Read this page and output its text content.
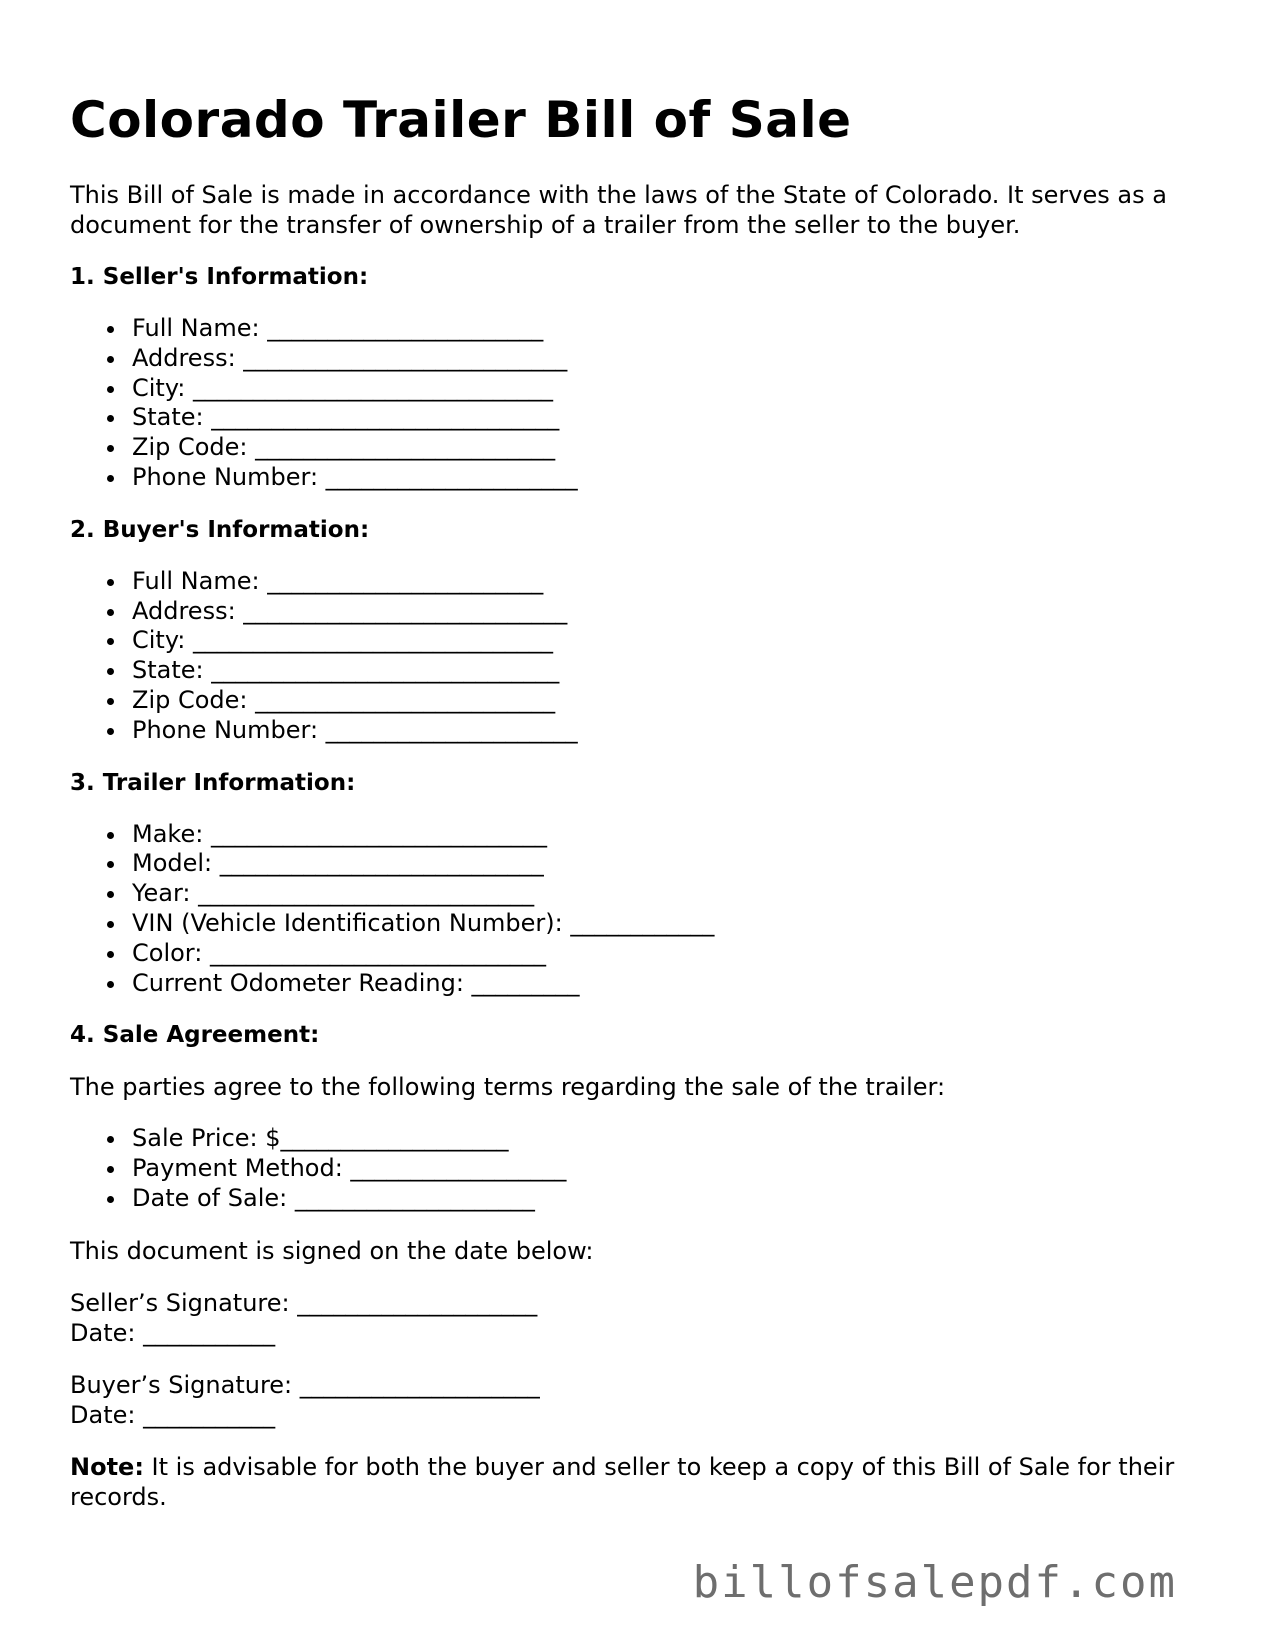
Colorado Trailer Bill of Sale

This Bill of Sale is made in accordance with the laws of the State of Colorado. It serves as a document for the transfer of ownership of a trailer from the seller to the buyer.

1. Seller's Information:
Full Name: _______________________
Address: ___________________________
City: ______________________________
State: _____________________________
Zip Code: _________________________
Phone Number: _____________________
2. Buyer's Information:
Full Name: _______________________
Address: ___________________________
City: ______________________________
State: _____________________________
Zip Code: _________________________
Phone Number: _____________________
3. Trailer Information:
Make: ____________________________
Model: ___________________________
Year: ____________________________
VIN (Vehicle Identification Number): ____________
Color: ____________________________
Current Odometer Reading: _________
4. Sale Agreement:

The parties agree to the following terms regarding the sale of the trailer:

Sale Price: $___________________
Payment Method: __________________
Date of Sale: ____________________

This document is signed on the date below:

Seller’s Signature: ____________________

Date: ___________

Buyer’s Signature: ____________________

Date: ___________

Note: It is advisable for both the buyer and seller to keep a copy of this Bill of Sale for their records.

billofsalepdf.com
